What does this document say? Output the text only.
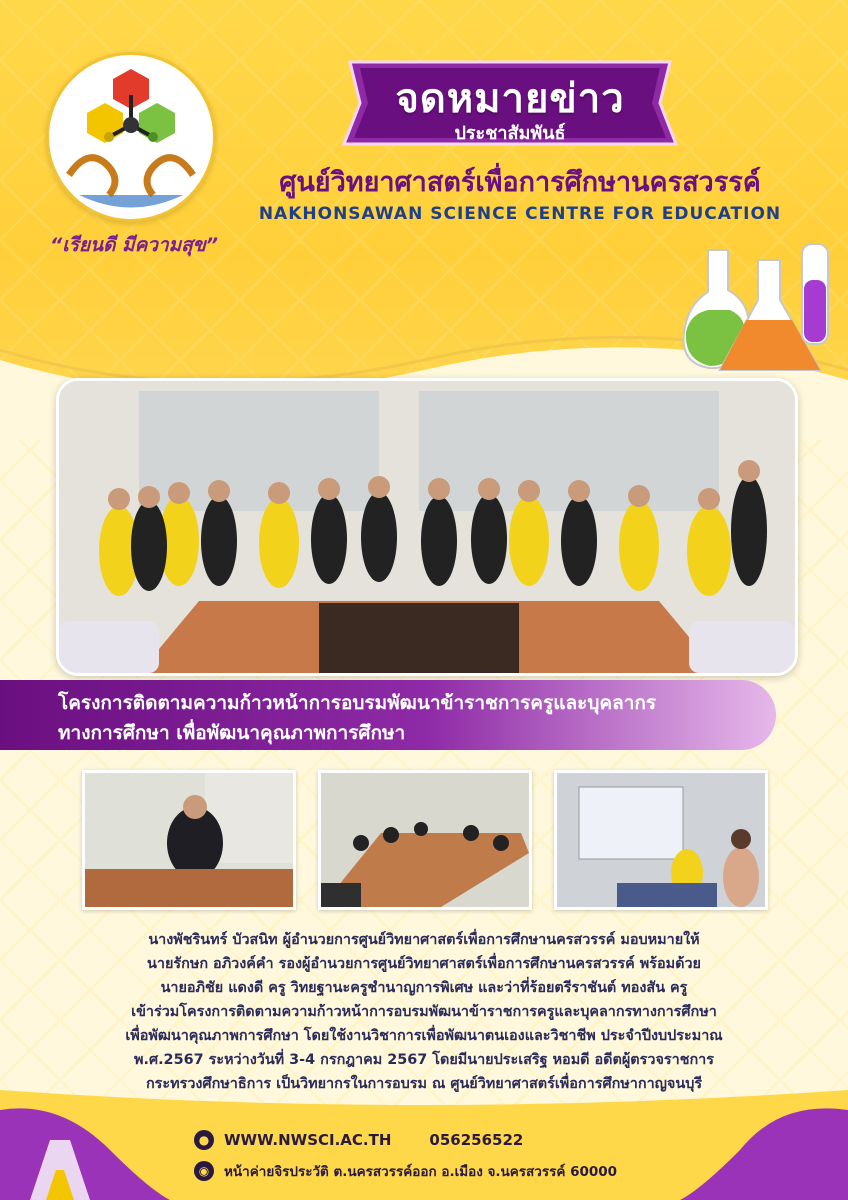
“เรียนดี มีความสุข”
จดหมายข่าว
ประชาสัมพันธ์
ศูนย์วิทยาศาสตร์เพื่อการศึกษานครสวรรค์
NAKHONSAWAN SCIENCE CENTRE FOR EDUCATION
โครงการติดตามความก้าวหน้าการอบรมพัฒนาข้าราชการครูและบุคลากร
ทางการศึกษา เพื่อพัฒนาคุณภาพการศึกษา
นางพัชรินทร์ บัวสนิท ผู้อำนวยการศูนย์วิทยาศาสตร์เพื่อการศึกษานครสวรรค์ มอบหมายให้
นายรักษก อภิวงค์คำ รองผู้อำนวยการศูนย์วิทยาศาสตร์เพื่อการศึกษานครสวรรค์ พร้อมด้วย
นายอภิชัย แดงดี ครู วิทยฐานะครูชำนาญการพิเศษ และว่าที่ร้อยตรีราชันต์ ทองสัน ครู
เข้าร่วมโครงการติดตามความก้าวหน้าการอบรมพัฒนาข้าราชการครูและบุคลากรทางการศึกษา
เพื่อพัฒนาคุณภาพการศึกษา โดยใช้งานวิชาการเพื่อพัฒนาตนเองและวิชาชีพ ประจำปีงบประมาณ
พ.ศ.2567 ระหว่างวันที่ 3-4 กรกฎาคม 2567 โดยมีนายประเสริฐ หอมดี อดีตผู้ตรวจราชการ
กระทรวงศึกษาธิการ เป็นวิทยากรในการอบรม ณ ศูนย์วิทยาศาสตร์เพื่อการศึกษากาญจนบุรี
● WWW.NWSCI.AC.TH	056256522
◉	หน้าค่ายจิรประวัติ ต.นครสวรรค์ออก อ.เมือง จ.นครสวรรค์ 60000
